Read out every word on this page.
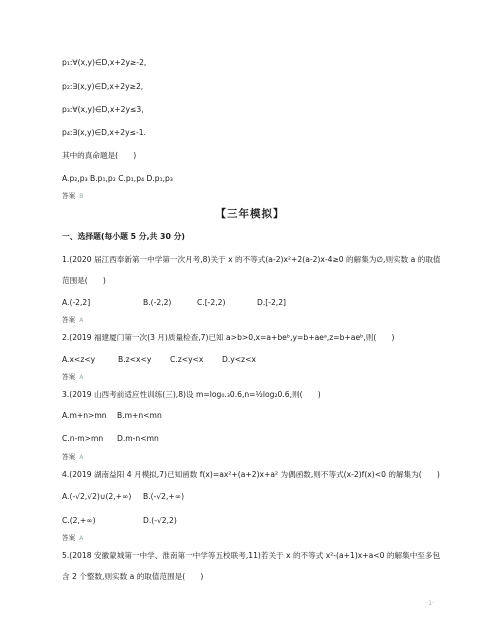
p₁:∀(x,y)∈D,x+2y≥-2,
p₂:∃(x,y)∈D,x+2y≥2,
p₃:∀(x,y)∈D,x+2y≤3,
p₄:∃(x,y)∈D,x+2y≤-1.
其中的真命题是(　　)
A.p₂,p₃ B.p₁,p₂ C.p₁,p₄ D.p₁,p₃
答案 B
【三年模拟】
一、选择题(每小题 5 分,共 30 分)
1.(2020 届江西奉新第一中学第一次月考,8)关于 x 的不等式(a-2)x²+2(a-2)x-4≥0 的解集为∅,则实数 a 的取值
范围是(　　)
A.(-2,2]	B.(-2,2)	C.[-2,2)	D.[-2,2]
答案 A
2.(2019 福建厦门第一次(3 月)质量检查,7)已知 a>b>0,x=a+beᵇ,y=b+aeᵃ,z=b+aeᵇ,则(　　)
A.x<z<y	B.z<x<y C.z<y<x D.y<z<x
答案 A
3.(2019 山西考前适应性训练(三),8)设 m=log₀.₃0.6,n=½log₂0.6,则(　　)
A.m+n>mn B.m+n<mn
C.n-m>mn D.m-n<mn
答案 A
4.(2019 湖南益阳 4 月模拟,7)已知函数 f(x)=ax²+(a+2)x+a² 为偶函数,则不等式(x-2)f(x)<0 的解集为(　　)
A.(-√2,√2)∪(2,+∞) B.(-√2,+∞)
C.(2,+∞)	D.(-√2,2)
答案 A
5.(2018 安徽蒙城第一中学、淮南第一中学等五校联考,11)若关于 x 的不等式 x²-(a+1)x+a<0 的解集中至多包
含 2 个整数,则实数 a 的取值范围是(　　)
·1·
